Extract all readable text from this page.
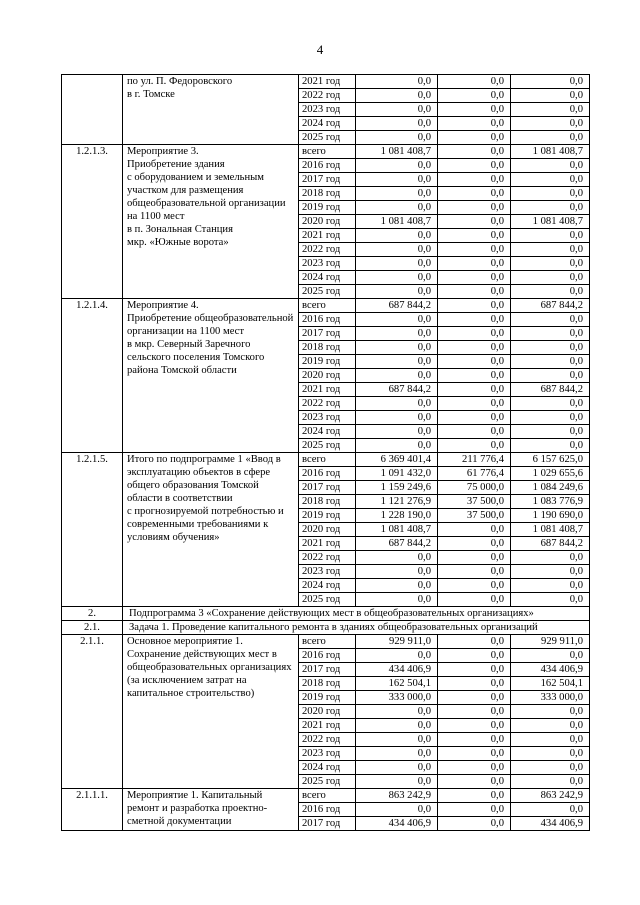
4
	по ул. П. Федоровского
в г. Томске	2021 год	0,0	0,0	0,0
		2022 год	0,0	0,0	0,0
		2023 год	0,0	0,0	0,0
		2024 год	0,0	0,0	0,0
		2025 год	0,0	0,0	0,0
1.2.1.3.	Мероприятие 3.
Приобретение здания
с оборудованием и земельным участком для размещения общеобразовательной организации на 1100 мест
в п. Зональная Станция
мкр. «Южные ворота»	всего	1 081 408,7	0,0	1 081 408,7
		2016 год	0,0	0,0	0,0
		2017 год	0,0	0,0	0,0
		2018 год	0,0	0,0	0,0
		2019 год	0,0	0,0	0,0
		2020 год	1 081 408,7	0,0	1 081 408,7
		2021 год	0,0	0,0	0,0
		2022 год	0,0	0,0	0,0
		2023 год	0,0	0,0	0,0
		2024 год	0,0	0,0	0,0
		2025 год	0,0	0,0	0,0
1.2.1.4.	Мероприятие 4.
Приобретение общеобразовательной организации на 1100 мест
в мкр. Северный Заречного сельского поселения Томского района Томской области	всего	687 844,2	0,0	687 844,2
		2016 год	0,0	0,0	0,0
		2017 год	0,0	0,0	0,0
		2018 год	0,0	0,0	0,0
		2019 год	0,0	0,0	0,0
		2020 год	0,0	0,0	0,0
		2021 год	687 844,2	0,0	687 844,2
		2022 год	0,0	0,0	0,0
		2023 год	0,0	0,0	0,0
		2024 год	0,0	0,0	0,0
		2025 год	0,0	0,0	0,0
1.2.1.5.	Итого по подпрограмме 1 «Ввод в эксплуатацию объектов в сфере общего образования Томской области в соответствии
с прогнозируемой потребностью и современными требованиями к условиям обучения»	всего	6 369 401,4	211 776,4	6 157 625,0
		2016 год	1 091 432,0	61 776,4	1 029 655,6
		2017 год	1 159 249,6	75 000,0	1 084 249,6
		2018 год	1 121 276,9	37 500,0	1 083 776,9
		2019 год	1 228 190,0	37 500,0	1 190 690,0
		2020 год	1 081 408,7	0,0	1 081 408,7
		2021 год	687 844,2	0,0	687 844,2
		2022 год	0,0	0,0	0,0
		2023 год	0,0	0,0	0,0
		2024 год	0,0	0,0	0,0
		2025 год	0,0	0,0	0,0
2.	Подпрограмма 3 «Сохранение действующих мест в общеобразовательных организациях»				
2.1.	Задача 1. Проведение капитального ремонта в зданиях общеобразовательных организаций				
2.1.1.	Основное мероприятие 1. Сохранение действующих мест в общеобразовательных организациях (за исключением затрат на капитальное строительство)	всего	929 911,0	0,0	929 911,0
		2016 год	0,0	0,0	0,0
		2017 год	434 406,9	0,0	434 406,9
		2018 год	162 504,1	0,0	162 504,1
		2019 год	333 000,0	0,0	333 000,0
		2020 год	0,0	0,0	0,0
		2021 год	0,0	0,0	0,0
		2022 год	0,0	0,0	0,0
		2023 год	0,0	0,0	0,0
		2024 год	0,0	0,0	0,0
		2025 год	0,0	0,0	0,0
2.1.1.1.	Мероприятие 1. Капитальный ремонт и разработка проектно-сметной документации	всего	863 242,9	0,0	863 242,9
		2016 год	0,0	0,0	0,0
		2017 год	434 406,9	0,0	434 406,9
